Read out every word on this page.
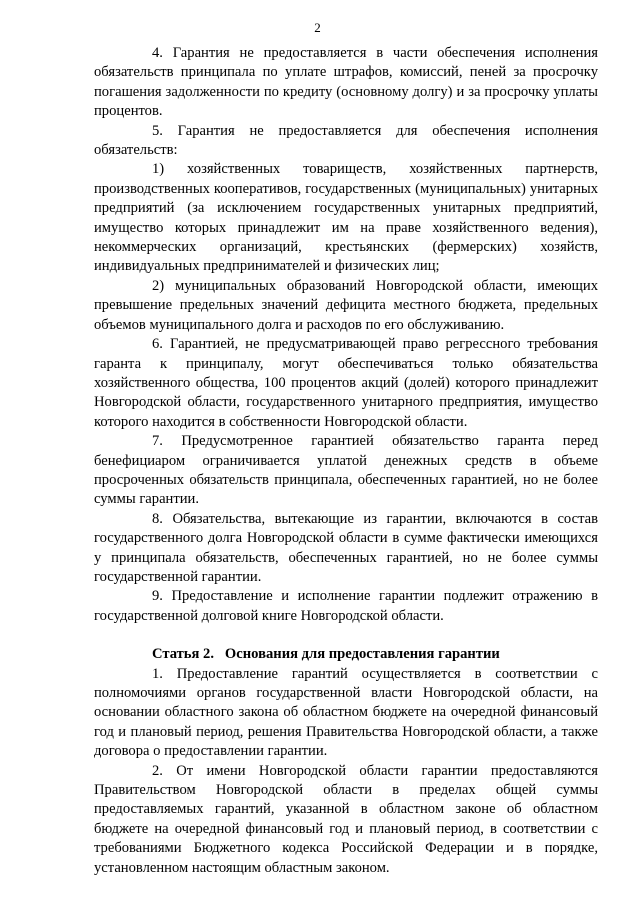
2

4. Гарантия не предоставляется в части обеспечения исполнения обязательств принципала по уплате штрафов, комиссий, пеней за просрочку погашения задолженности по кредиту (основному долгу) и за просрочку уплаты процентов.

5. Гарантия не предоставляется для обеспечения исполнения обязательств:

1) хозяйственных товариществ, хозяйственных партнерств, производственных кооперативов, государственных (муниципальных) унитарных предприятий (за исключением государственных унитарных предприятий, имущество которых принадлежит им на праве хозяйственного ведения), некоммерческих организаций, крестьянских (фермерских) хозяйств, индивидуальных предпринимателей и физических лиц;

2) муниципальных образований Новгородской области, имеющих превышение предельных значений дефицита местного бюджета, предельных объемов муниципального долга и расходов по его обслуживанию.

6. Гарантией, не предусматривающей право регрессного требования гаранта к принципалу, могут обеспечиваться только обязательства хозяйственного общества, 100 процентов акций (долей) которого принадлежит Новгородской области, государственного унитарного предприятия, имущество которого находится в собственности Новгородской области.

7. Предусмотренное гарантией обязательство гаранта перед бенефициаром ограничивается уплатой денежных средств в объеме просроченных обязательств принципала, обеспеченных гарантией, но не более суммы гарантии.

8. Обязательства, вытекающие из гарантии, включаются в состав государственного долга Новгородской области в сумме фактически имеющихся у принципала обязательств, обеспеченных гарантией, но не более суммы государственной гарантии.

9. Предоставление и исполнение гарантии подлежит отражению в государственной долговой книге Новгородской области.

Статья 2.   Основания для предоставления гарантии

1. Предоставление гарантий осуществляется в соответствии с полномочиями органов государственной власти Новгородской области, на основании областного закона об областном бюджете на очередной финансовый год и плановый период, решения Правительства Новгородской области, а также договора о предоставлении гарантии.

2. От имени Новгородской области гарантии предоставляются Правительством Новгородской области в пределах общей суммы предоставляемых гарантий, указанной в областном законе об областном бюджете на очередной финансовый год и плановый период, в соответствии с требованиями Бюджетного кодекса Российской Федерации и в порядке, установленном настоящим областным законом.
